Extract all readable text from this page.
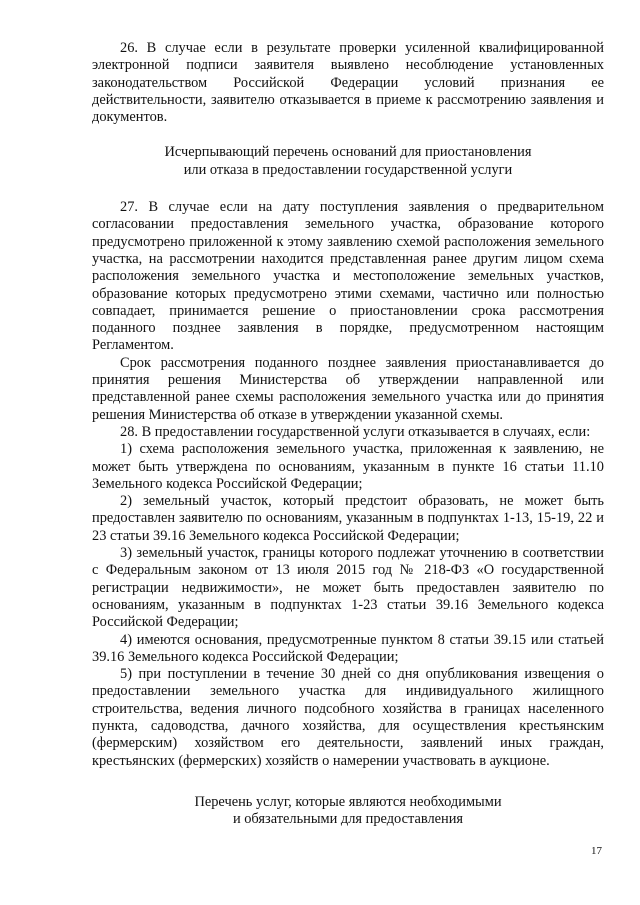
26. В случае если в результате проверки усиленной квалифицированной электронной подписи заявителя выявлено несоблюдение установленных законодательством Российской Федерации условий признания ее действительности, заявителю отказывается в приеме к рассмотрению заявления и документов.

Исчерпывающий перечень оснований для приостановления
или отказа в предоставлении государственной услуги

27. В случае если на дату поступления заявления о предварительном согласовании предоставления земельного участка, образование которого предусмотрено приложенной к этому заявлению схемой расположения земельного участка, на рассмотрении находится представленная ранее другим лицом схема расположения земельного участка и местоположение земельных участков, образование которых предусмотрено этими схемами, частично или полностью совпадает, принимается решение о приостановлении срока рассмотрения поданного позднее заявления в порядке, предусмотренном настоящим Регламентом.

Срок рассмотрения поданного позднее заявления приостанавливается до принятия решения Министерства об утверждении направленной или представленной ранее схемы расположения земельного участка или до принятия решения Министерства об отказе в утверждении указанной схемы.

28. В предоставлении государственной услуги отказывается в случаях, если:

1) схема расположения земельного участка, приложенная к заявлению, не может быть утверждена по основаниям, указанным в пункте 16 статьи 11.10 Земельного кодекса Российской Федерации;

2) земельный участок, который предстоит образовать, не может быть предоставлен заявителю по основаниям, указанным в подпунктах 1-13, 15-19, 22 и 23 статьи 39.16 Земельного кодекса Российской Федерации;

3) земельный участок, границы которого подлежат уточнению в соответствии с Федеральным законом от 13 июля 2015 год № 218-ФЗ «О государственной регистрации недвижимости», не может быть предоставлен заявителю по основаниям, указанным в подпунктах 1-23 статьи 39.16 Земельного кодекса Российской Федерации;

4) имеются основания, предусмотренные пунктом 8 статьи 39.15 или статьей 39.16 Земельного кодекса Российской Федерации;

5) при поступлении в течение 30 дней со дня опубликования извещения о предоставлении земельного участка для индивидуального жилищного строительства, ведения личного подсобного хозяйства в границах населенного пункта, садоводства, дачного хозяйства, для осуществления крестьянским (фермерским) хозяйством его деятельности, заявлений иных граждан, крестьянских (фермерских) хозяйств о намерении участвовать в аукционе.

Перечень услуг, которые являются необходимыми
и обязательными для предоставления

17
